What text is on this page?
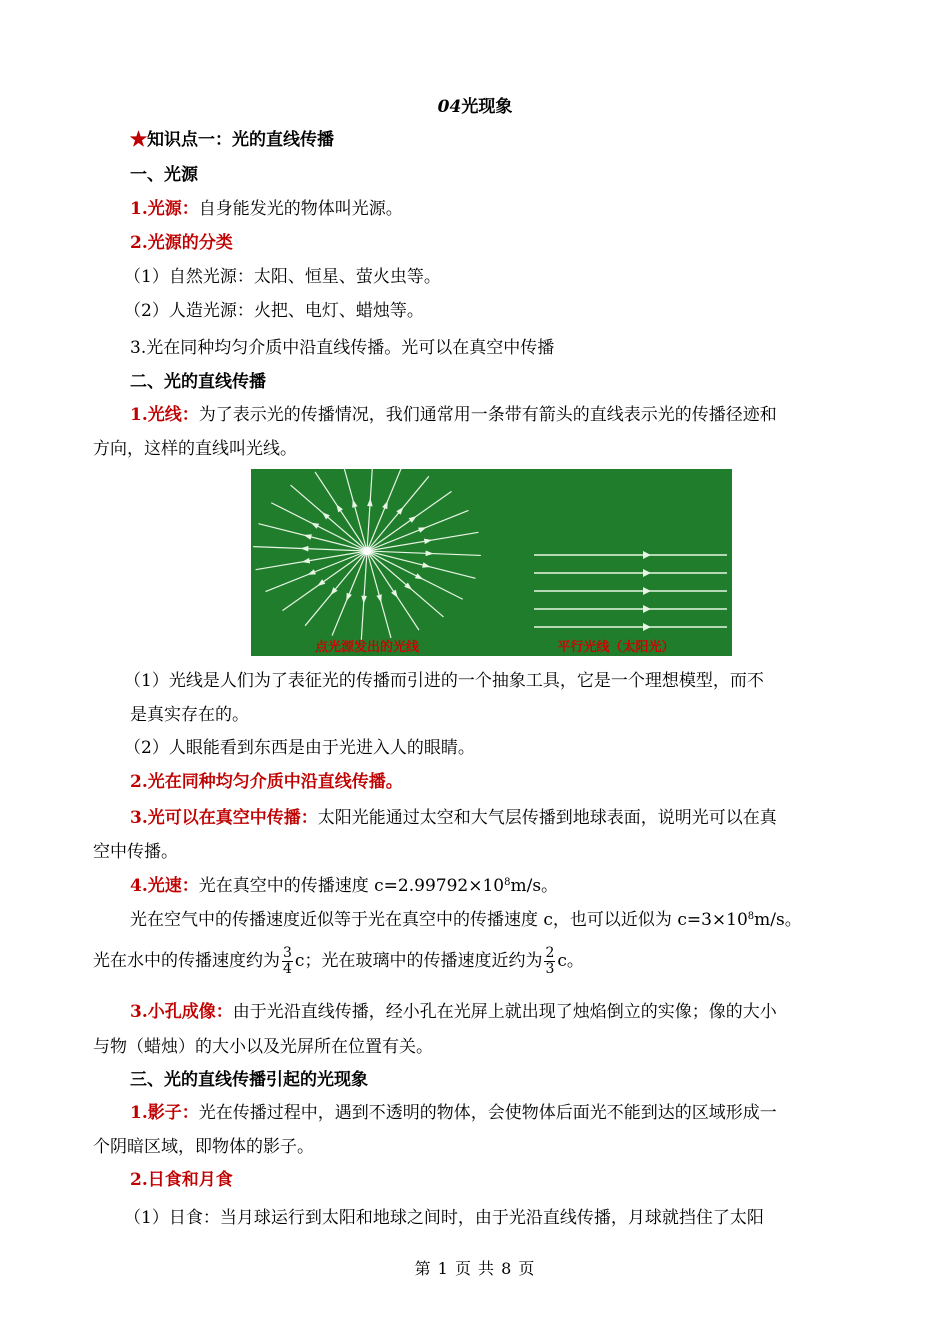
04光现象
★知识点一：光的直线传播
一、光源
1.光源：自身能发光的物体叫光源。
2.光源的分类
（1）自然光源：太阳、恒星、萤火虫等。
（2）人造光源：火把、电灯、蜡烛等。
3.光在同种均匀介质中沿直线传播。光可以在真空中传播
二、光的直线传播
1.光线：为了表示光的传播情况，我们通常用一条带有箭头的直线表示光的传播径迹和
方向，这样的直线叫光线。
点光源发出的光线	平行光线（太阳光）
（1）光线是人们为了表征光的传播而引进的一个抽象工具，它是一个理想模型，而不
是真实存在的。
（2）人眼能看到东西是由于光进入人的眼睛。
2.光在同种均匀介质中沿直线传播。
3.光可以在真空中传播：太阳光能通过太空和大气层传播到地球表面，说明光可以在真
空中传播。
4.光速：光在真空中的传播速度 $c=2.99792\times 10^8m/s$。
光在空气中的传播速度近似等于光在真空中的传播速度 c，也可以近似为 $c=3\times 10^8m/s$。
光在水中的传播速度约为 $\frac{3}{4}$ c；光在玻璃中的传播速度近约为 $\frac{2}{3}$ c。
3.小孔成像：由于光沿直线传播，经小孔在光屏上就出现了烛焰倒立的实像；像的大小
与物（蜡烛）的大小以及光屏所在位置有关。
三、光的直线传播引起的光现象
1.影子：光在传播过程中，遇到不透明的物体，会使物体后面光不能到达的区域形成一
个阴暗区域，即物体的影子。
2.日食和月食
（1）日食：当月球运行到太阳和地球之间时，由于光沿直线传播，月球就挡住了太阳
第 1 页 共 8 页
